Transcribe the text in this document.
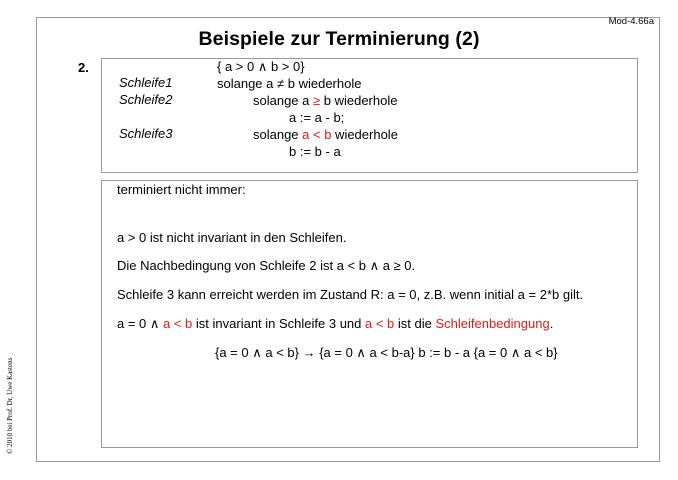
Mod-4.66a
Beispiele zur Terminierung (2)
2.
© 2010 bei Prof. Dr. Uwe Kastens
{ a > 0 ∧ b > 0}
Schleife1	solange a ≠ b wiederhole
Schleife2	solange a ≥ b wiederhole
a := a - b;
Schleife3	solange a < b wiederhole
b := b - a
terminiert nicht immer:
a > 0 ist nicht invariant in den Schleifen.
Die Nachbedingung von Schleife 2 ist a < b ∧ a ≥ 0.
Schleife 3 kann erreicht werden im Zustand R: a = 0, z.B. wenn initial a = 2*b gilt.
a = 0 ∧ a < b ist invariant in Schleife 3 und a < b ist die Schleifenbedingung.
{a = 0 ∧ a < b} → {a = 0 ∧ a < b-a} b := b - a {a = 0 ∧ a < b}
